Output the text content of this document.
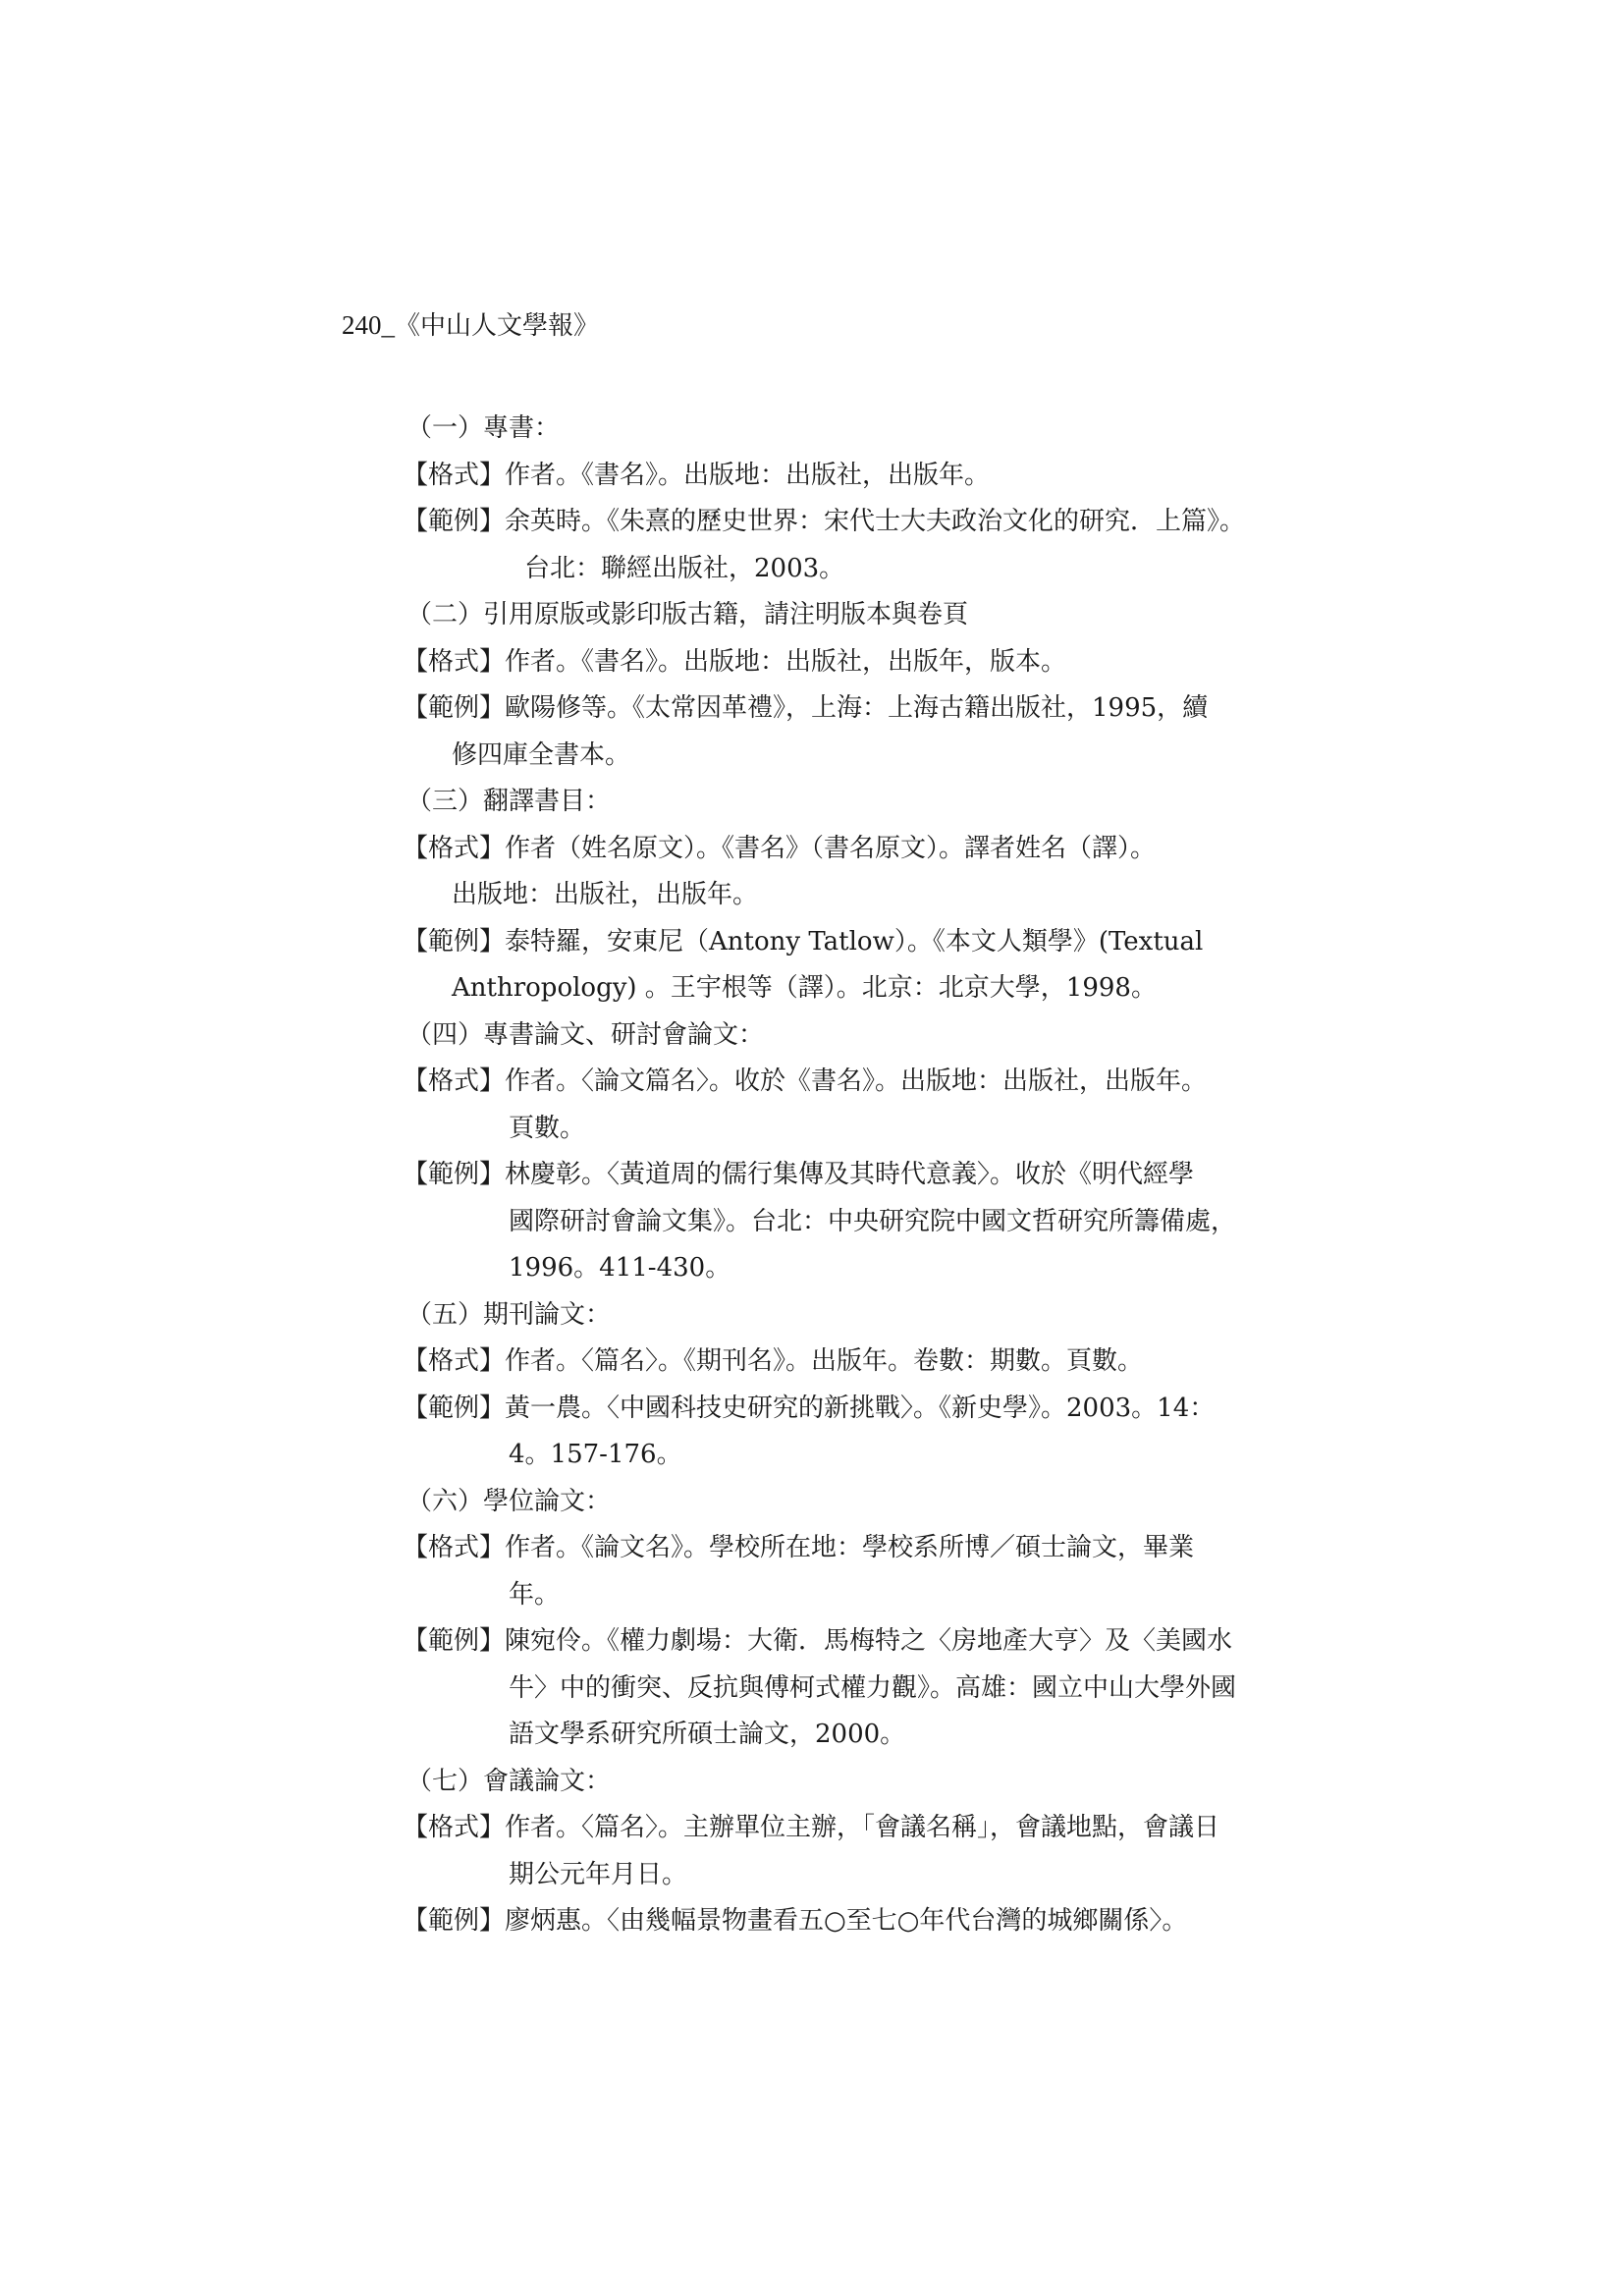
240_《中山人文學報》
（一）專書：
【格式】作者。《書名》。出版地：出版社，出版年。
【範例】余英時。《朱熹的歷史世界：宋代士大夫政治文化的研究．上篇》。
台北：聯經出版社，2003。
（二）引用原版或影印版古籍，請注明版本與卷頁
【格式】作者。《書名》。出版地：出版社，出版年，版本。
【範例】歐陽修等。《太常因革禮》，上海：上海古籍出版社，1995，續
修四庫全書本。
（三）翻譯書目：
【格式】作者（姓名原文）。《書名》（書名原文）。譯者姓名（譯）。
出版地：出版社，出版年。
【範例】泰特羅，安東尼（Antony Tatlow）。《本文人類學》(Textual
Anthropology) 。王宇根等（譯）。北京：北京大學，1998。
（四）專書論文、研討會論文：
【格式】作者。〈論文篇名〉。收於《書名》。出版地：出版社，出版年。
頁數。
【範例】林慶彰。〈黃道周的儒行集傳及其時代意義〉。收於《明代經學
國際研討會論文集》。台北：中央研究院中國文哲研究所籌備處，
1996。411-430。
（五）期刊論文：
【格式】作者。〈篇名〉。《期刊名》。出版年。卷數：期數。頁數。
【範例】黃一農。〈中國科技史研究的新挑戰〉。《新史學》。2003。14：
4。157-176。
（六）學位論文：
【格式】作者。《論文名》。學校所在地：學校系所博／碩士論文，畢業
年。
【範例】陳宛伶。《權力劇場：大衛．馬梅特之〈房地產大亨〉及〈美國水
牛〉中的衝突、反抗與傅柯式權力觀》。高雄：國立中山大學外國
語文學系研究所碩士論文，2000。
（七）會議論文：
【格式】作者。〈篇名〉。主辦單位主辦，「會議名稱」，會議地點，會議日
期公元年月日。
【範例】廖炳惠。〈由幾幅景物畫看五○至七○年代台灣的城鄉關係〉。
